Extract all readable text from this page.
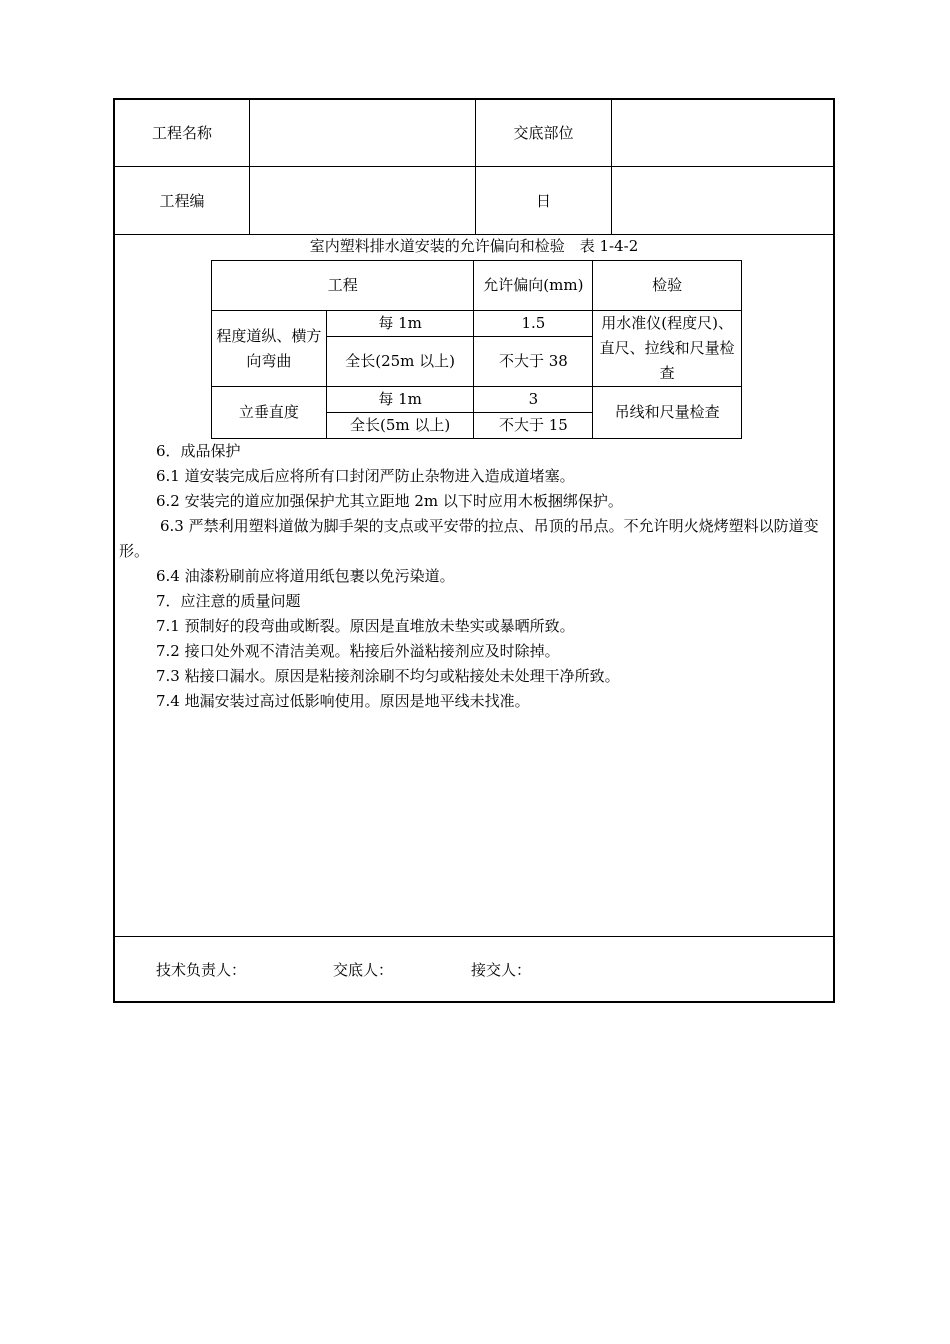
工程名称	交底部位
工程编	日
室内塑料排水道安装的允许偏向和检验　表 1-4-2
工程		允许偏向(mm)	检验
程度道纵、横方向弯曲	每 1m	1.5	用水准仪(程度尺)、直尺、拉线和尺量检查
	全长(25m 以上)	不大于 38	
立垂直度	每 1m	3	吊线和尺量检查
	全长(5m 以上)	不大于 15	
6．成品保护
6.1 道安装完成后应将所有口封闭严防止杂物进入造成道堵塞。
6.2 安装完的道应加强保护尤其立距地 2m 以下时应用木板捆绑保护。
6.3 严禁利用塑料道做为脚手架的支点或平安带的拉点、吊顶的吊点。不允许明火烧烤塑料以防道变形。
6.4 油漆粉刷前应将道用纸包裹以免污染道。
7．应注意的质量问题
7.1 预制好的段弯曲或断裂。原因是直堆放未垫实或暴晒所致。
7.2 接口处外观不清洁美观。粘接后外溢粘接剂应及时除掉。
7.3 粘接口漏水。原因是粘接剂涂刷不均匀或粘接处未处理干净所致。
7.4 地漏安装过高过低影响使用。原因是地平线未找准。
技术负责人：	交底人：	接交人：
